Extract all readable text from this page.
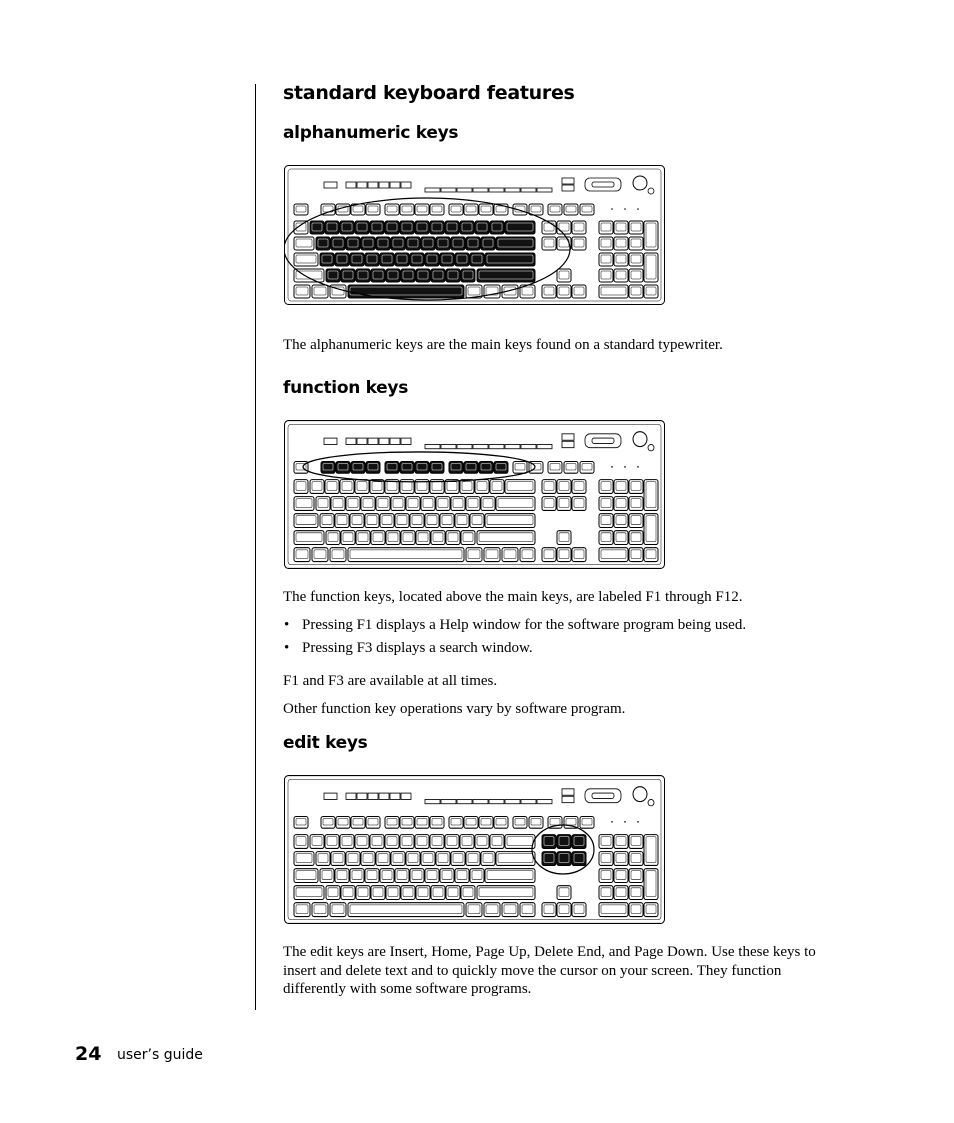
standard keyboard features
alphanumeric keys

The alphanumeric keys are the main keys found on a standard typewriter.

function keys

The function keys, located above the main keys, are labeled F1 through F12.

• Pressing F1 displays a Help window for the software program being used.
• Pressing F3 displays a search window.

F1 and F3 are available at all times.

Other function key operations vary by software program.

edit keys

The edit keys are Insert, Home, Page Up, Delete End, and Page Down. Use these keys to insert and delete text and to quickly move the cursor on your screen. They function differently with some software programs.

24 user’s guide
